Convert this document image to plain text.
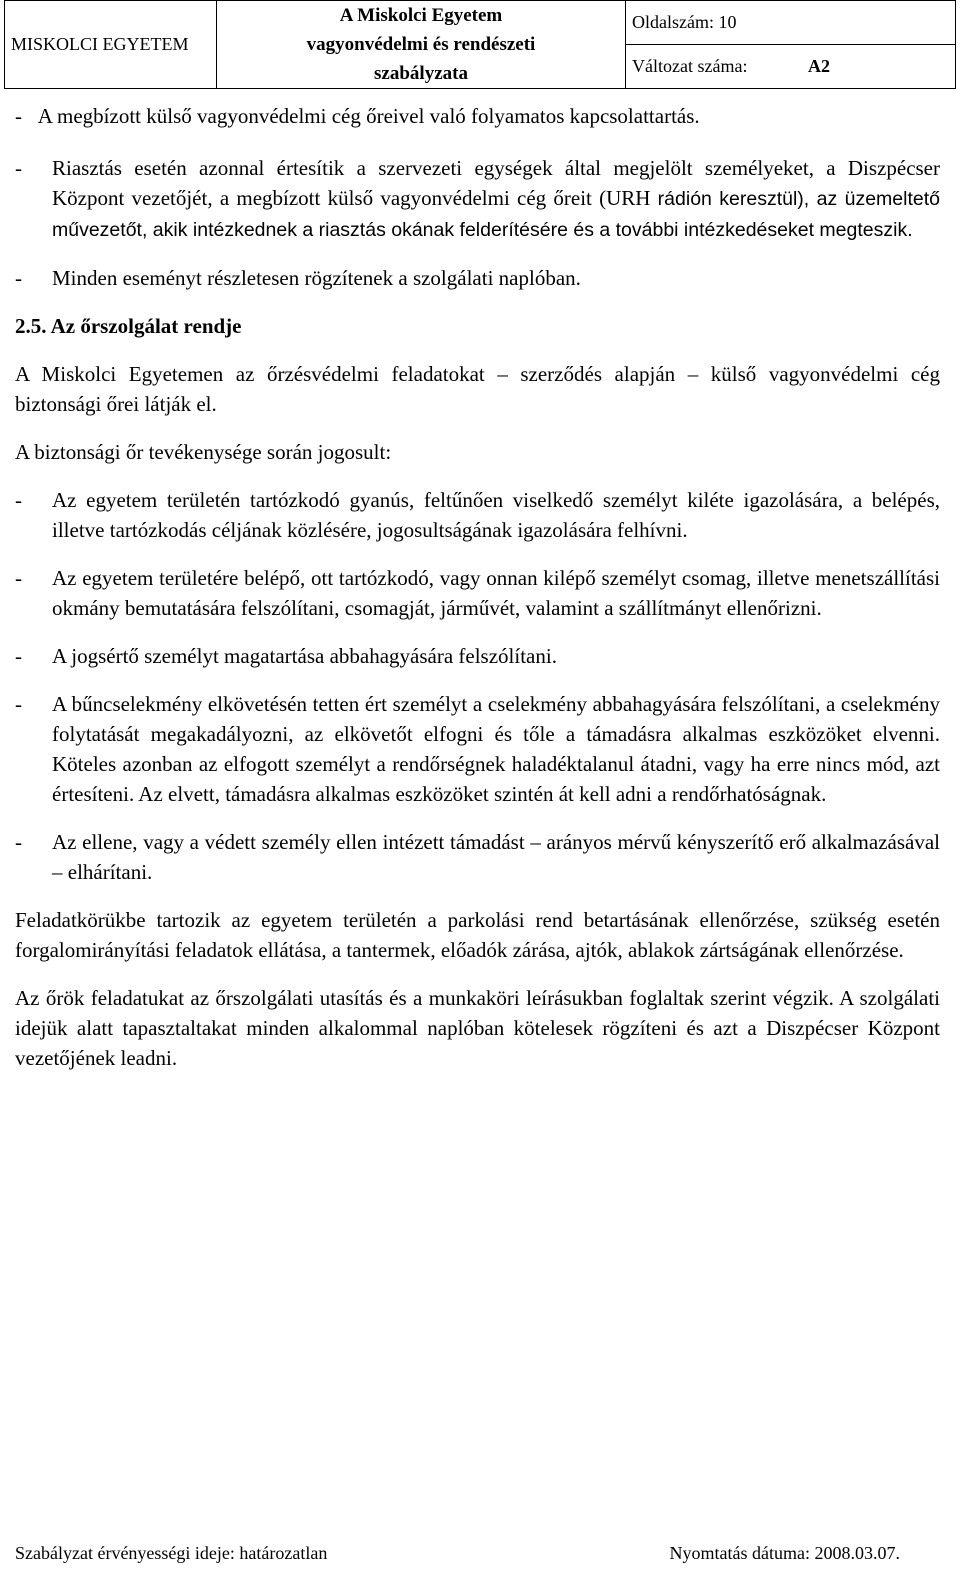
MISKOLCI EGYETEM	
A Miskolci Egyetem
vagyonvédelmi és rendészeti
szabályzata
	Oldalszám: 10
Változat száma:	A2

- A megbízott külső vagyonvédelmi cég őreivel való folyamatos kapcsolattartás.

- Riasztás esetén azonnal értesítik a szervezeti egységek által megjelölt személyeket, a Diszpécser Központ vezetőjét, a megbízott külső vagyonvédelmi cég őreit (URH rádión keresztül), az üzemeltető művezetőt, akik intézkednek a riasztás okának felderítésére és a további intézkedéseket megteszik.
- Minden eseményt részletesen rögzítenek a szolgálati naplóban.

2.5. Az őrszolgálat rendje

A Miskolci Egyetemen az őrzésvédelmi feladatokat – szerződés alapján – külső vagyonvédelmi cég biztonsági őrei látják el.

A biztonsági őr tevékenysége során jogosult:

- Az egyetem területén tartózkodó gyanús, feltűnően viselkedő személyt kiléte igazolására, a belépés, illetve tartózkodás céljának közlésére, jogosultságának igazolására felhívni.
- Az egyetem területére belépő, ott tartózkodó, vagy onnan kilépő személyt csomag, illetve menetszállítási okmány bemutatására felszólítani, csomagját, járművét, valamint a szállítmányt ellenőrizni.
- A jogsértő személyt magatartása abbahagyására felszólítani.
- A bűncselekmény elkövetésén tetten ért személyt a cselekmény abbahagyására felszólítani, a cselekmény folytatását megakadályozni, az elkövetőt elfogni és tőle a támadásra alkalmas eszközöket elvenni. Köteles azonban az elfogott személyt a rendőrségnek haladéktalanul átadni, vagy ha erre nincs mód, azt értesíteni. Az elvett, támadásra alkalmas eszközöket szintén át kell adni a rendőrhatóságnak.
- Az ellene, vagy a védett személy ellen intézett támadást – arányos mérvű kényszerítő erő alkalmazásával – elhárítani.

Feladatkörükbe tartozik az egyetem területén a parkolási rend betartásának ellenőrzése, szükség esetén forgalomirányítási feladatok ellátása, a tantermek, előadók zárása, ajtók, ablakok zártságának ellenőrzése.

Az őrök feladatukat az őrszolgálati utasítás és a munkaköri leírásukban foglaltak szerint végzik. A szolgálati idejük alatt tapasztaltakat minden alkalommal naplóban kötelesek rögzíteni és azt a Diszpécser Központ vezetőjének leadni.

Szabályzat érvényességi ideje: határozatlan	Nyomtatás dátuma: 2008.03.07.
